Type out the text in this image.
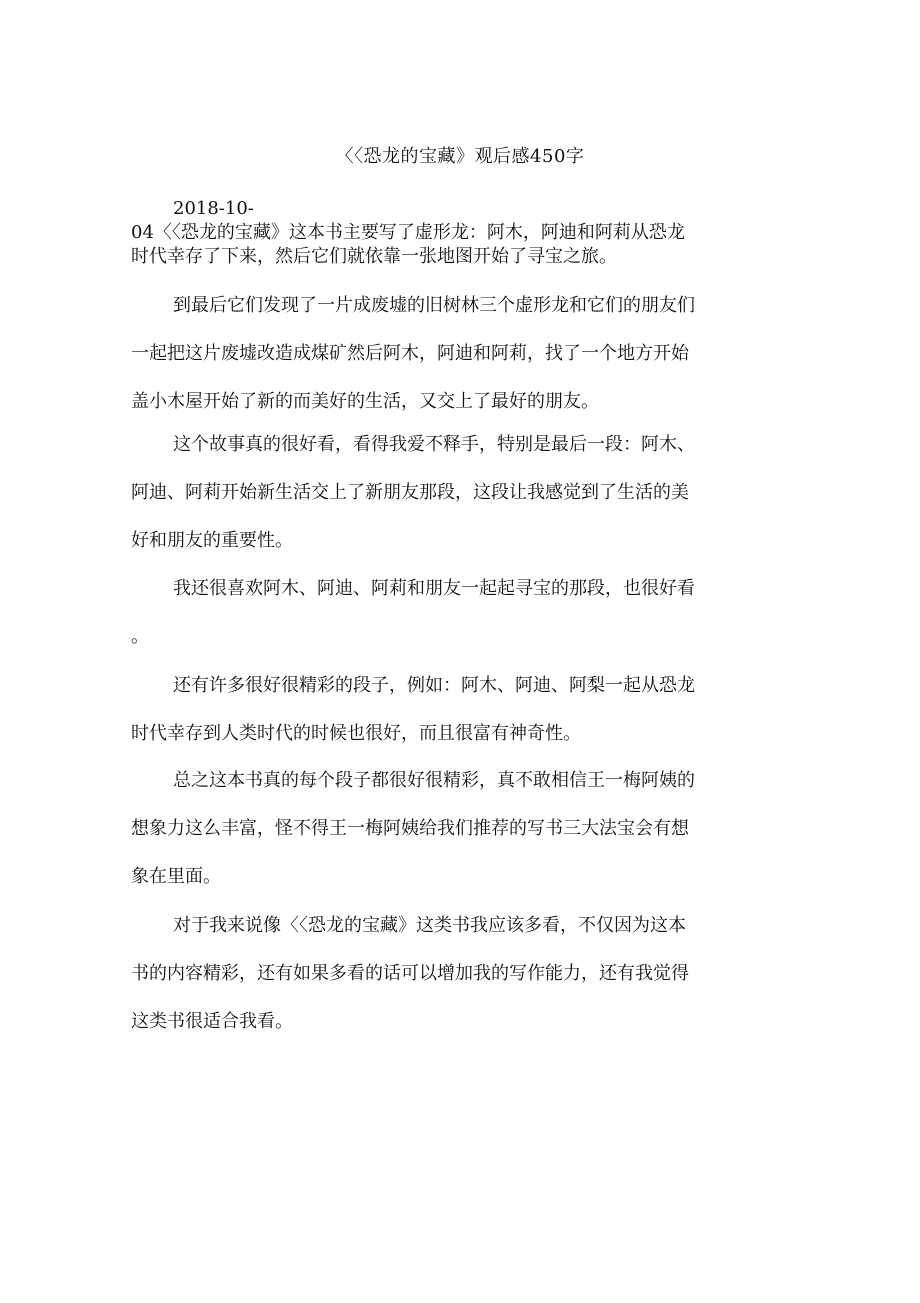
〈〈恐龙的宝藏》观后感450字
2018-10-
04〈〈恐龙的宝藏》这本书主要写了虚形龙：阿木，阿迪和阿莉从恐龙
时代幸存了下来，然后它们就依靠一张地图开始了寻宝之旅。
到最后它们发现了一片成废墟的旧树林三个虚形龙和它们的朋友们
一起把这片废墟改造成煤矿然后阿木，阿迪和阿莉，找了一个地方开始
盖小木屋开始了新的而美好的生活，又交上了最好的朋友。
这个故事真的很好看，看得我爱不释手，特别是最后一段：阿木、
阿迪、阿莉开始新生活交上了新朋友那段，这段让我感觉到了生活的美
好和朋友的重要性。
我还很喜欢阿木、阿迪、阿莉和朋友一起起寻宝的那段，也很好看
。
还有许多很好很精彩的段子，例如：阿木、阿迪、阿梨一起从恐龙
时代幸存到人类时代的时候也很好，而且很富有神奇性。
总之这本书真的每个段子都很好很精彩，真不敢相信王一梅阿姨的
想象力这么丰富，怪不得王一梅阿姨给我们推荐的写书三大法宝会有想
象在里面。
对于我来说像〈〈恐龙的宝藏》这类书我应该多看，不仅因为这本
书的内容精彩，还有如果多看的话可以增加我的写作能力，还有我觉得
这类书很适合我看。
